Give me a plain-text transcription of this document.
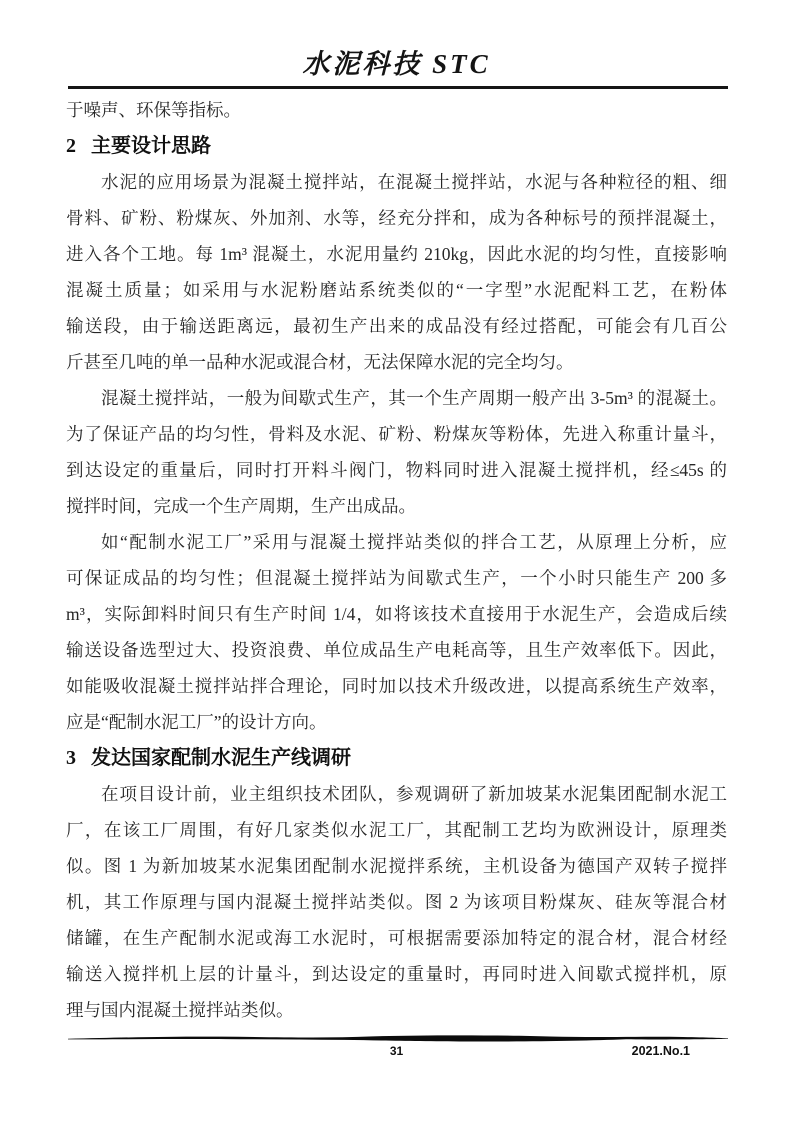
水泥科技 STC

于噪声、环保等指标。

2 主要设计思路

水泥的应用场景为混凝土搅拌站，在混凝土搅拌站，水泥与各种粒径的粗、细

骨料、矿粉、粉煤灰、外加剂、水等，经充分拌和，成为各种标号的预拌混凝土，

进入各个工地。每 1m³ 混凝土，水泥用量约 210kg，因此水泥的均匀性，直接影响

混凝土质量；如采用与水泥粉磨站系统类似的“一字型”水泥配料工艺，在粉体

输送段，由于输送距离远，最初生产出来的成品没有经过搭配，可能会有几百公

斤甚至几吨的单一品种水泥或混合材，无法保障水泥的完全均匀。

混凝土搅拌站，一般为间歇式生产，其一个生产周期一般产出 3-5m³ 的混凝土。

为了保证产品的均匀性，骨料及水泥、矿粉、粉煤灰等粉体，先进入称重计量斗，

到达设定的重量后，同时打开料斗阀门，物料同时进入混凝土搅拌机，经≤45s 的

搅拌时间，完成一个生产周期，生产出成品。

如“配制水泥工厂”采用与混凝土搅拌站类似的拌合工艺，从原理上分析，应

可保证成品的均匀性；但混凝土搅拌站为间歇式生产，一个小时只能生产 200 多

m³，实际卸料时间只有生产时间 1/4，如将该技术直接用于水泥生产，会造成后续

输送设备选型过大、投资浪费、单位成品生产电耗高等，且生产效率低下。因此，

如能吸收混凝土搅拌站拌合理论，同时加以技术升级改进，以提高系统生产效率，

应是“配制水泥工厂”的设计方向。

3 发达国家配制水泥生产线调研

在项目设计前，业主组织技术团队，参观调研了新加坡某水泥集团配制水泥工

厂，在该工厂周围，有好几家类似水泥工厂，其配制工艺均为欧洲设计，原理类

似。图 1 为新加坡某水泥集团配制水泥搅拌系统，主机设备为德国产双转子搅拌

机，其工作原理与国内混凝土搅拌站类似。图 2 为该项目粉煤灰、硅灰等混合材

储罐，在生产配制水泥或海工水泥时，可根据需要添加特定的混合材，混合材经

输送入搅拌机上层的计量斗，到达设定的重量时，再同时进入间歇式搅拌机，原

理与国内混凝土搅拌站类似。

31	2021.No.1
